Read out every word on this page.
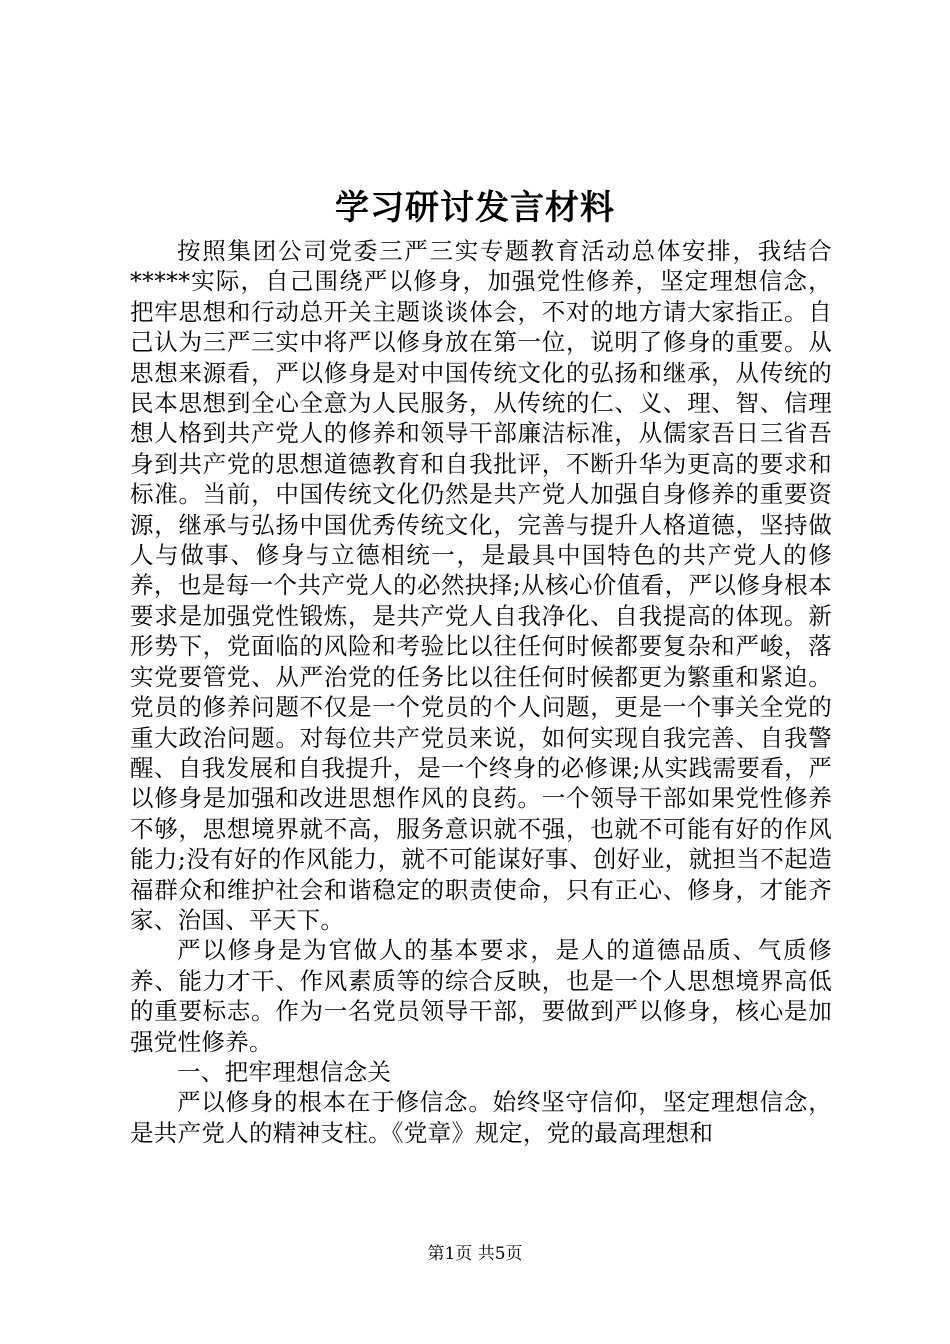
学习研讨发言材料

按照集团公司党委三严三实专题教育活动总体安排，我结合*****实际，自己围绕严以修身，加强党性修养，坚定理想信念，把牢思想和行动总开关主题谈谈体会，不对的地方请大家指正。自己认为三严三实中将严以修身放在第一位，说明了修身的重要。从思想来源看，严以修身是对中国传统文化的弘扬和继承，从传统的民本思想到全心全意为人民服务，从传统的仁、义、理、智、信理想人格到共产党人的修养和领导干部廉洁标准，从儒家吾日三省吾身到共产党的思想道德教育和自我批评，不断升华为更高的要求和标准。当前，中国传统文化仍然是共产党人加强自身修养的重要资源，继承与弘扬中国优秀传统文化，完善与提升人格道德，坚持做人与做事、修身与立德相统一，是最具中国特色的共产党人的修养，也是每一个共产党人的必然抉择;从核心价值看，严以修身根本要求是加强党性锻炼，是共产党人自我净化、自我提高的体现。新形势下，党面临的风险和考验比以往任何时候都要复杂和严峻，落实党要管党、从严治党的任务比以往任何时候都更为繁重和紧迫。党员的修养问题不仅是一个党员的个人问题，更是一个事关全党的重大政治问题。对每位共产党员来说，如何实现自我完善、自我警醒、自我发展和自我提升，是一个终身的必修课;从实践需要看，严以修身是加强和改进思想作风的良药。一个领导干部如果党性修养不够，思想境界就不高，服务意识就不强，也就不可能有好的作风能力;没有好的作风能力，就不可能谋好事、创好业，就担当不起造福群众和维护社会和谐稳定的职责使命，只有正心、修身，才能齐家、治国、平天下。

严以修身是为官做人的基本要求，是人的道德品质、气质修养、能力才干、作风素质等的综合反映，也是一个人思想境界高低的重要标志。作为一名党员领导干部，要做到严以修身，核心是加强党性修养。

一、把牢理想信念关

严以修身的根本在于修信念。始终坚守信仰，坚定理想信念，是共产党人的精神支柱。《党章》规定，党的最高理想和

第1页 共5页
